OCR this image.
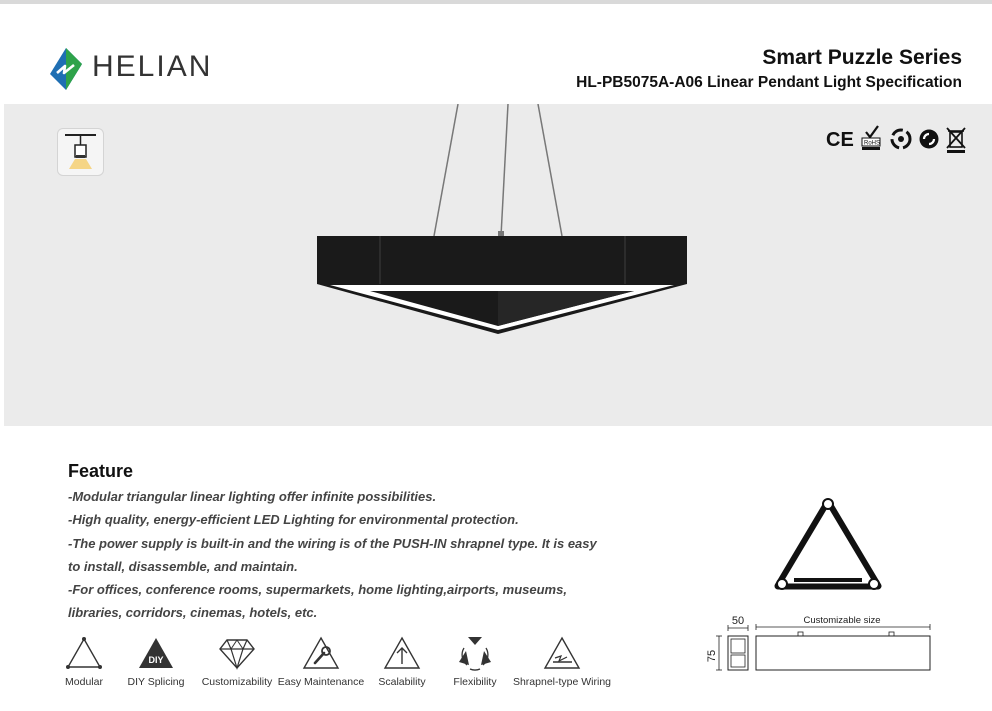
HELIAN	Smart Puzzle Series
HL-PB5075A-A06 Linear Pendant Light Specification
CE RoHS
Feature
-Modular triangular linear lighting offer infinite possibilities.
-High quality, energy-efficient LED Lighting for environmental protection.
-The power supply is built-in and the wiring is of the PUSH-IN shrapnel type. It is easy
to install, disassemble, and maintain.
-For offices, conference rooms, supermarkets, home lighting,airports, museums,
libraries, corridors, cinemas, hotels, etc.
Modular
DIY
DIY Splicing	Customizability Easy Maintenance	Scalability	Flexibility	Shrapnel-type Wiring
50
75
Customizable size
